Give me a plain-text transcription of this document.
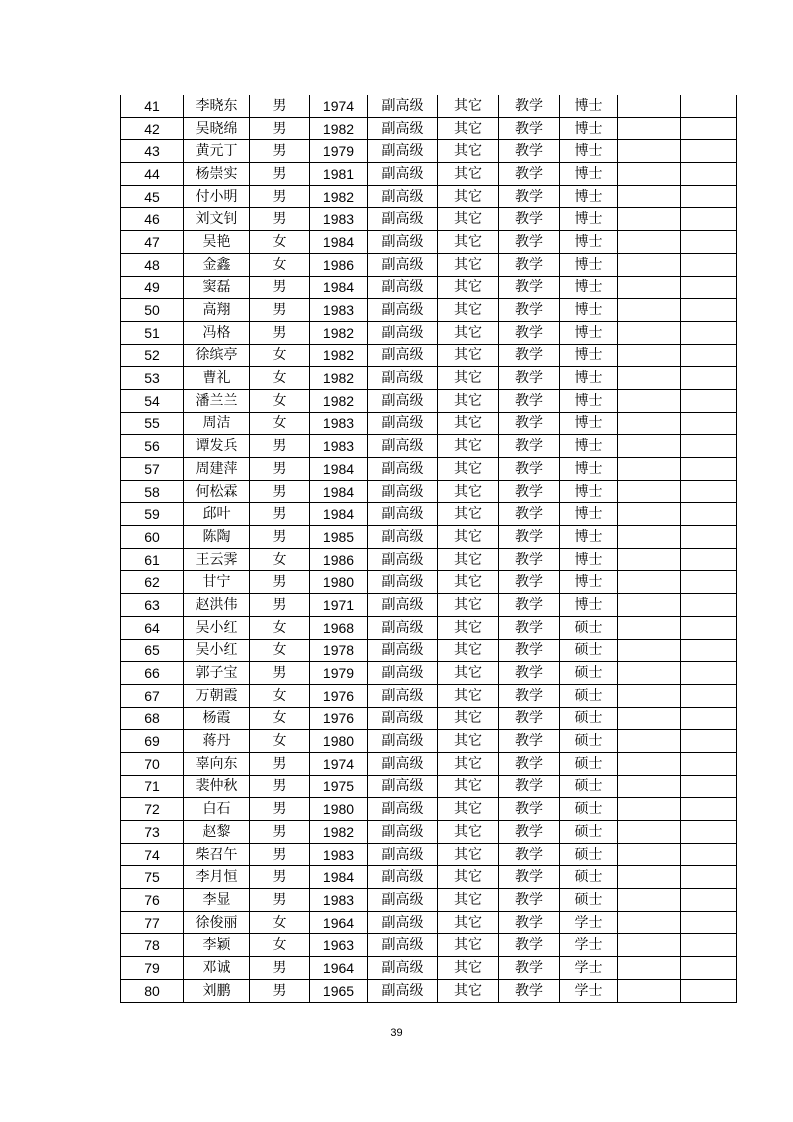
41	李晓东	男	1974	副高级	其它	教学	博士		
42	吴晓绵	男	1982	副高级	其它	教学	博士		
43	黄元丁	男	1979	副高级	其它	教学	博士		
44	杨崇实	男	1981	副高级	其它	教学	博士		
45	付小明	男	1982	副高级	其它	教学	博士		
46	刘文钊	男	1983	副高级	其它	教学	博士		
47	吴艳	女	1984	副高级	其它	教学	博士		
48	金鑫	女	1986	副高级	其它	教学	博士		
49	窦磊	男	1984	副高级	其它	教学	博士		
50	高翔	男	1983	副高级	其它	教学	博士		
51	冯格	男	1982	副高级	其它	教学	博士		
52	徐缤亭	女	1982	副高级	其它	教学	博士		
53	曹礼	女	1982	副高级	其它	教学	博士		
54	潘兰兰	女	1982	副高级	其它	教学	博士		
55	周洁	女	1983	副高级	其它	教学	博士		
56	谭发兵	男	1983	副高级	其它	教学	博士		
57	周建萍	男	1984	副高级	其它	教学	博士		
58	何松霖	男	1984	副高级	其它	教学	博士		
59	邱叶	男	1984	副高级	其它	教学	博士		
60	陈陶	男	1985	副高级	其它	教学	博士		
61	王云霁	女	1986	副高级	其它	教学	博士		
62	甘宁	男	1980	副高级	其它	教学	博士		
63	赵洪伟	男	1971	副高级	其它	教学	博士		
64	吴小红	女	1968	副高级	其它	教学	硕士		
65	吴小红	女	1978	副高级	其它	教学	硕士		
66	郭子宝	男	1979	副高级	其它	教学	硕士		
67	万朝霞	女	1976	副高级	其它	教学	硕士		
68	杨霞	女	1976	副高级	其它	教学	硕士		
69	蒋丹	女	1980	副高级	其它	教学	硕士		
70	辜向东	男	1974	副高级	其它	教学	硕士		
71	裴仲秋	男	1975	副高级	其它	教学	硕士		
72	白石	男	1980	副高级	其它	教学	硕士		
73	赵黎	男	1982	副高级	其它	教学	硕士		
74	柴召午	男	1983	副高级	其它	教学	硕士		
75	李月恒	男	1984	副高级	其它	教学	硕士		
76	李显	男	1983	副高级	其它	教学	硕士		
77	徐俊丽	女	1964	副高级	其它	教学	学士		
78	李颖	女	1963	副高级	其它	教学	学士		
79	邓诚	男	1964	副高级	其它	教学	学士		
80	刘鹏	男	1965	副高级	其它	教学	学士		
39
